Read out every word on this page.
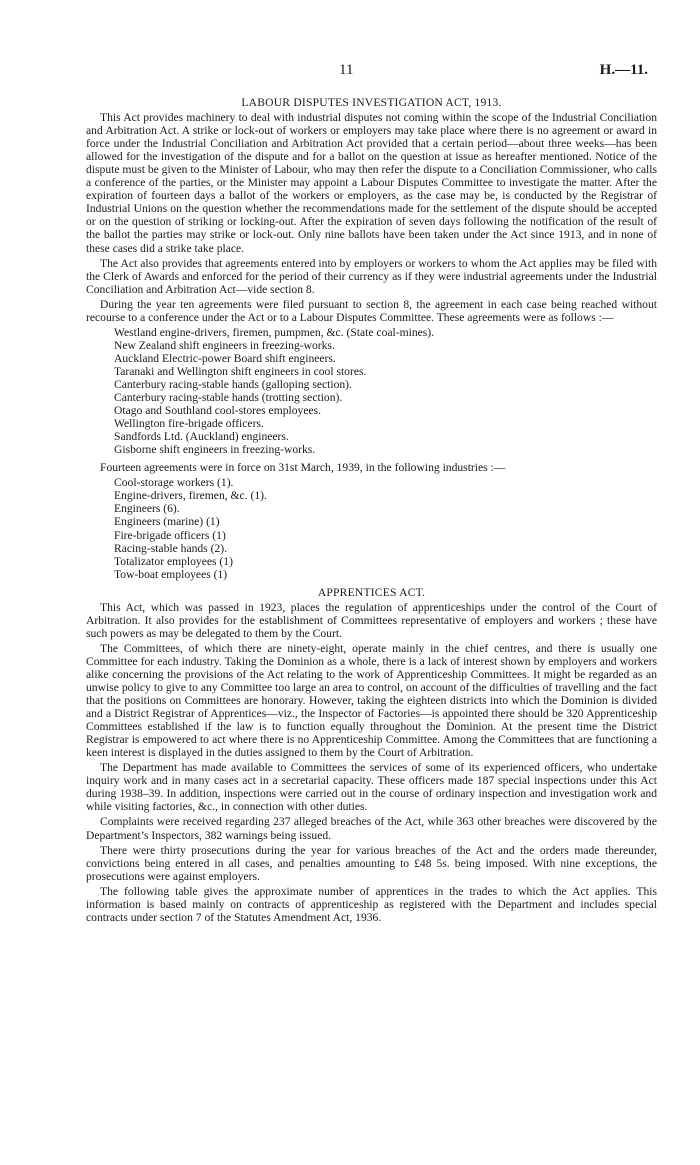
11	H.—11.
LABOUR DISPUTES INVESTIGATION ACT, 1913.

This Act provides machinery to deal with industrial disputes not coming within the scope of the Industrial Conciliation and Arbitration Act. A strike or lock-out of workers or employers may take place where there is no agreement or award in force under the Industrial Conciliation and Arbitration Act provided that a certain period—about three weeks—has been allowed for the investigation of the dispute and for a ballot on the question at issue as hereafter mentioned. Notice of the dispute must be given to the Minister of Labour, who may then refer the dispute to a Conciliation Commissioner, who calls a conference of the parties, or the Minister may appoint a Labour Disputes Committee to investigate the matter. After the expiration of fourteen days a ballot of the workers or employers, as the case may be, is conducted by the Registrar of Industrial Unions on the question whether the recommendations made for the settlement of the dispute should be accepted or on the question of striking or locking-out. After the expiration of seven days following the notification of the result of the ballot the parties may strike or lock-out. Only nine ballots have been taken under the Act since 1913, and in none of these cases did a strike take place.

The Act also provides that agreements entered into by employers or workers to whom the Act applies may be filed with the Clerk of Awards and enforced for the period of their currency as if they were industrial agreements under the Industrial Conciliation and Arbitration Act—vide section 8.

During the year ten agreements were filed pursuant to section 8, the agreement in each case being reached without recourse to a conference under the Act or to a Labour Disputes Committee. These agreements were as follows :—

Westland engine-drivers, firemen, pumpmen, &c. (State coal-mines).
New Zealand shift engineers in freezing-works.
Auckland Electric-power Board shift engineers.
Taranaki and Wellington shift engineers in cool stores.
Canterbury racing-stable hands (galloping section).
Canterbury racing-stable hands (trotting section).
Otago and Southland cool-stores employees.
Wellington fire-brigade officers.
Sandfords Ltd. (Auckland) engineers.
Gisborne shift engineers in freezing-works.

Fourteen agreements were in force on 31st March, 1939, in the following industries :—

Cool-storage workers (1).
Engine-drivers, firemen, &c. (1).
Engineers (6).
Engineers (marine) (1)
Fire-brigade officers (1)
Racing-stable hands (2).
Totalizator employees (1)
Tow-boat employees (1)
APPRENTICES ACT.

This Act, which was passed in 1923, places the regulation of apprenticeships under the control of the Court of Arbitration. It also provides for the establishment of Committees representative of employers and workers ; these have such powers as may be delegated to them by the Court.

The Committees, of which there are ninety-eight, operate mainly in the chief centres, and there is usually one Committee for each industry. Taking the Dominion as a whole, there is a lack of interest shown by employers and workers alike concerning the provisions of the Act relating to the work of Apprenticeship Committees. It might be regarded as an unwise policy to give to any Committee too large an area to control, on account of the difficulties of travelling and the fact that the positions on Committees are honorary. However, taking the eighteen districts into which the Dominion is divided and a District Registrar of Apprentices—viz., the Inspector of Factories—is appointed there should be 320 Apprenticeship Committees established if the law is to function equally throughout the Dominion. At the present time the District Registrar is empowered to act where there is no Apprenticeship Committee. Among the Committees that are functioning a keen interest is displayed in the duties assigned to them by the Court of Arbitration.

The Department has made available to Committees the services of some of its experienced officers, who undertake inquiry work and in many cases act in a secretarial capacity. These officers made 187 special inspections under this Act during 1938–39. In addition, inspections were carried out in the course of ordinary inspection and investigation work and while visiting factories, &c., in connection with other duties.

Complaints were received regarding 237 alleged breaches of the Act, while 363 other breaches were discovered by the Department’s Inspectors, 382 warnings being issued.

There were thirty prosecutions during the year for various breaches of the Act and the orders made thereunder, convictions being entered in all cases, and penalties amounting to £48 5s. being imposed. With nine exceptions, the prosecutions were against employers.

The following table gives the approximate number of apprentices in the trades to which the Act applies. This information is based mainly on contracts of apprenticeship as registered with the Department and includes special contracts under section 7 of the Statutes Amendment Act, 1936.
